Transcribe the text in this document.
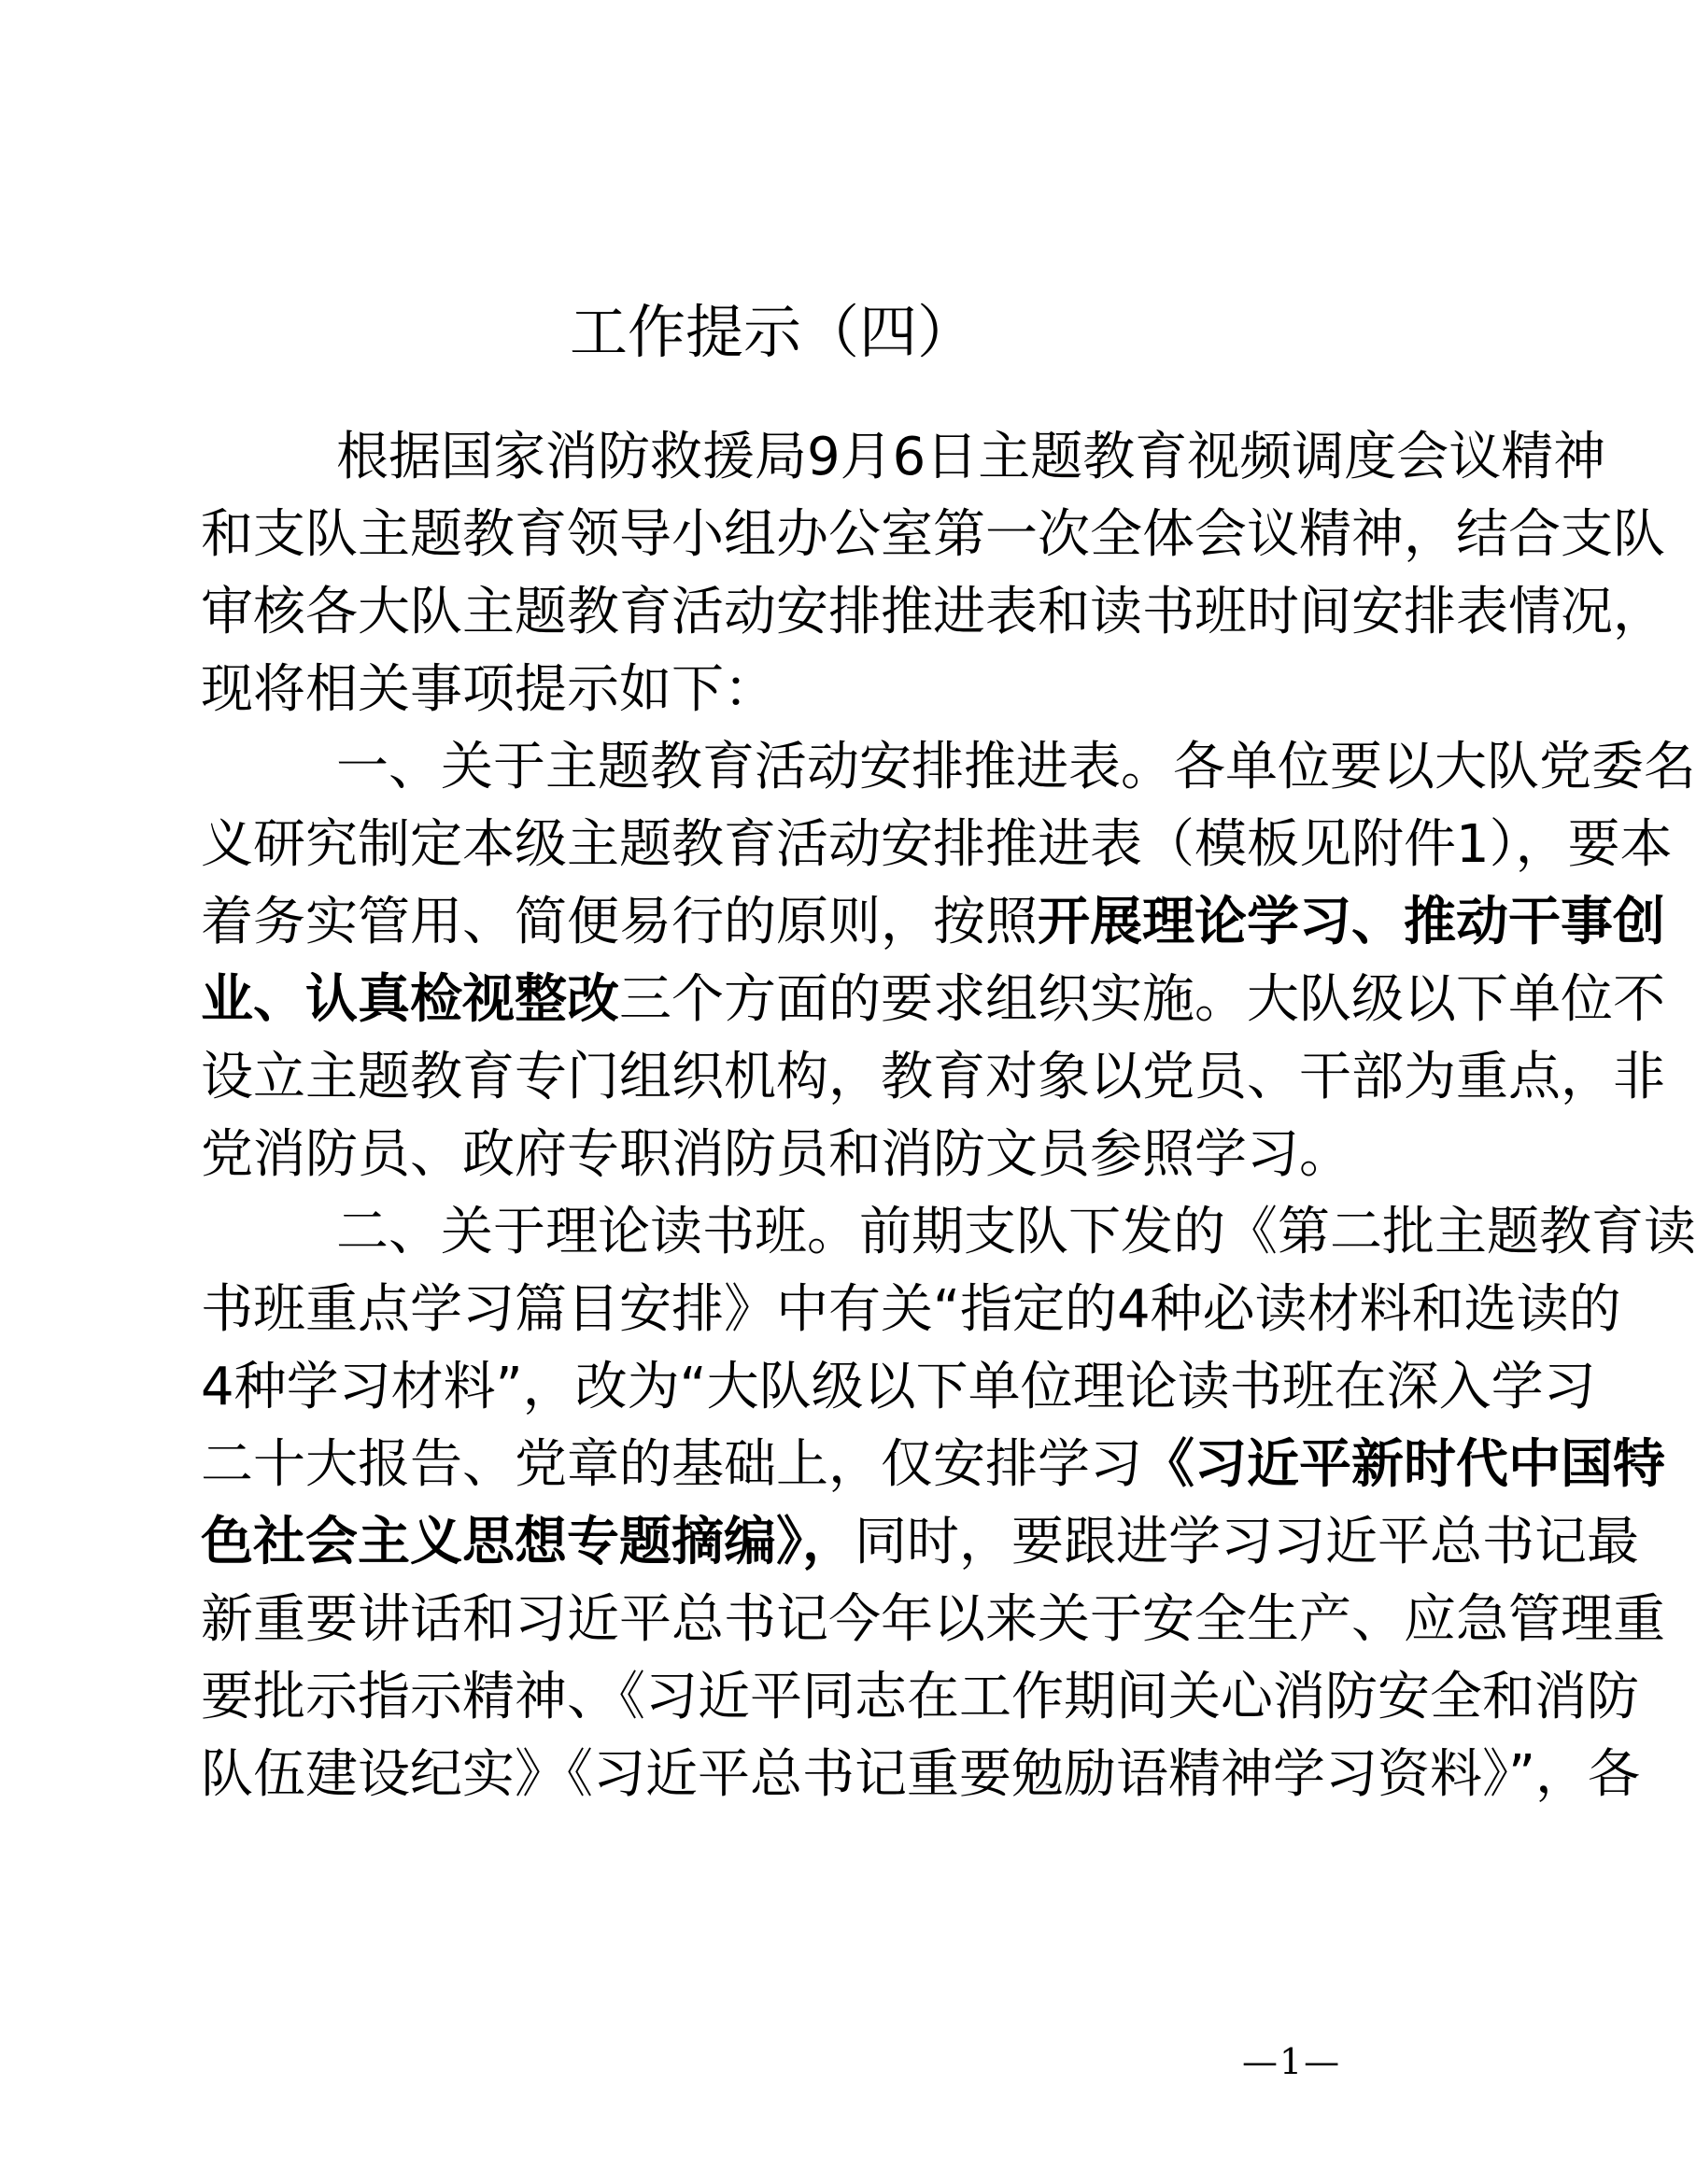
工作提示（四）
根据国家消防救援局9月6日主题教育视频调度会议精神
和支队主题教育领导小组办公室第一次全体会议精神，结合支队
审核各大队主题教育活动安排推进表和读书班时间安排表情况，
现将相关事项提示如下：
一、关于主题教育活动安排推进表。各单位要以大队党委名
义研究制定本级主题教育活动安排推进表（模板见附件1），要本
着务实管用、简便易行的原则，按照开展理论学习、推动干事创
业、认真检视整改三个方面的要求组织实施。大队级以下单位不
设立主题教育专门组织机构，教育对象以党员、干部为重点，非
党消防员、政府专职消防员和消防文员参照学习。
二、关于理论读书班。前期支队下发的《第二批主题教育读
书班重点学习篇目安排》中有关“指定的4种必读材料和选读的
4种学习材料”，改为“大队级以下单位理论读书班在深入学习
二十大报告、党章的基础上，仅安排学习《习近平新时代中国特
色社会主义思想专题摘编》，同时，要跟进学习习近平总书记最
新重要讲话和习近平总书记今年以来关于安全生产、应急管理重
要批示指示精神、《习近平同志在工作期间关心消防安全和消防
队伍建设纪实》《习近平总书记重要勉励语精神学习资料》”，各
—1—
